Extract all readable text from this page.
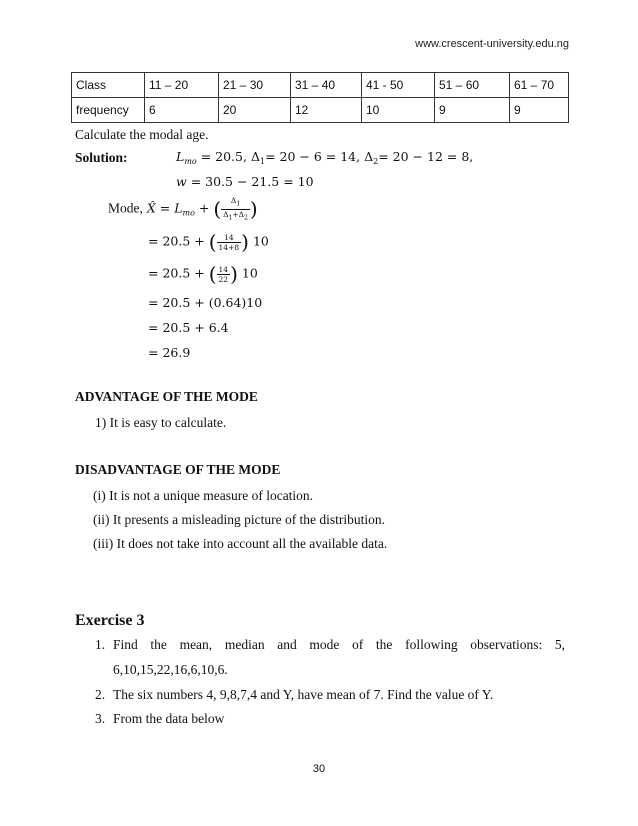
www.crescent-university.edu.ng
Class	11 – 20	21 – 30	31 – 40	41 - 50	51 – 60	61 – 70
frequency	6	20	12	10	9	9
Calculate the modal age.
Solution:	$L_{mo} = 20.5$, $\Delta_1= 20 - 6 = 14$, $\Delta_2= 20 - 12 = 8$,
w = 30.5 − 21.5 = 10
Mode, X̂ = $L_{mo}$ + ( $\frac{\Delta_1}{\Delta_1+\Delta_2}$ )
= 20.5 + ( $\frac{14}{14+8}$ ) 10
= 20.5 + ( $\frac{14}{22}$ ) 10
= 20.5 + (0.64)10
= 20.5 + 6.4
= 26.9
ADVANTAGE OF THE MODE
1) It is easy to calculate.
DISADVANTAGE OF THE MODE
(i) It is not a unique measure of location.
(ii) It presents a misleading picture of the distribution.
(iii) It does not take into account all the available data.
Exercise 3
1. Find the mean, median and mode of the following observations: 5,
6,10,15,22,16,6,10,6.
2. The six numbers 4, 9,8,7,4 and Y, have mean of 7. Find the value of Y.
3. From the data below
30
